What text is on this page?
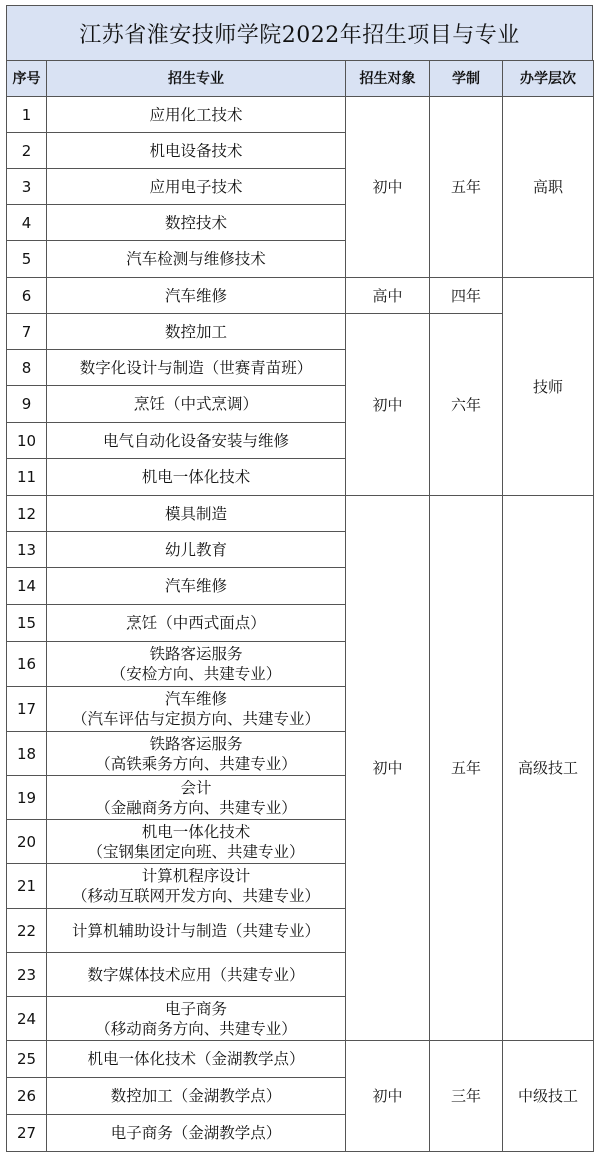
江苏省淮安技师学院2022年招生项目与专业
序号	招生专业	招生对象	学制	办学层次
1	应用化工技术	初中	五年	高职
2	机电设备技术			

3	应用电子技术			

4	数控技术			

5	汽车检测与维修技术			

6	汽车维修	高中	四年	技师
7	数控加工	初中	六年	
8	数字化设计与制造（世赛青苗班）			

9	烹饪（中式烹调）			

10	电气自动化设备安装与维修			

11	机电一体化技术			

12	模具制造	初中	五年	高级技工
13	幼儿教育			

14	汽车维修			

15	烹饪（中西式面点）			

16	铁路客运服务
（安检方向、共建专业）			

17	汽车维修
（汽车评估与定损方向、共建专业）			

18	铁路客运服务
（高铁乘务方向、共建专业）			

19	会计
（金融商务方向、共建专业）			

20	机电一体化技术
（宝钢集团定向班、共建专业）			

21	计算机程序设计
（移动互联网开发方向、共建专业）			

22	计算机辅助设计与制造（共建专业）			

23	数字媒体技术应用（共建专业）			

24	电子商务
（移动商务方向、共建专业）			

25	机电一体化技术（金湖教学点）	初中	三年	中级技工
26	数控加工（金湖教学点）			

27	电子商务（金湖教学点）			
